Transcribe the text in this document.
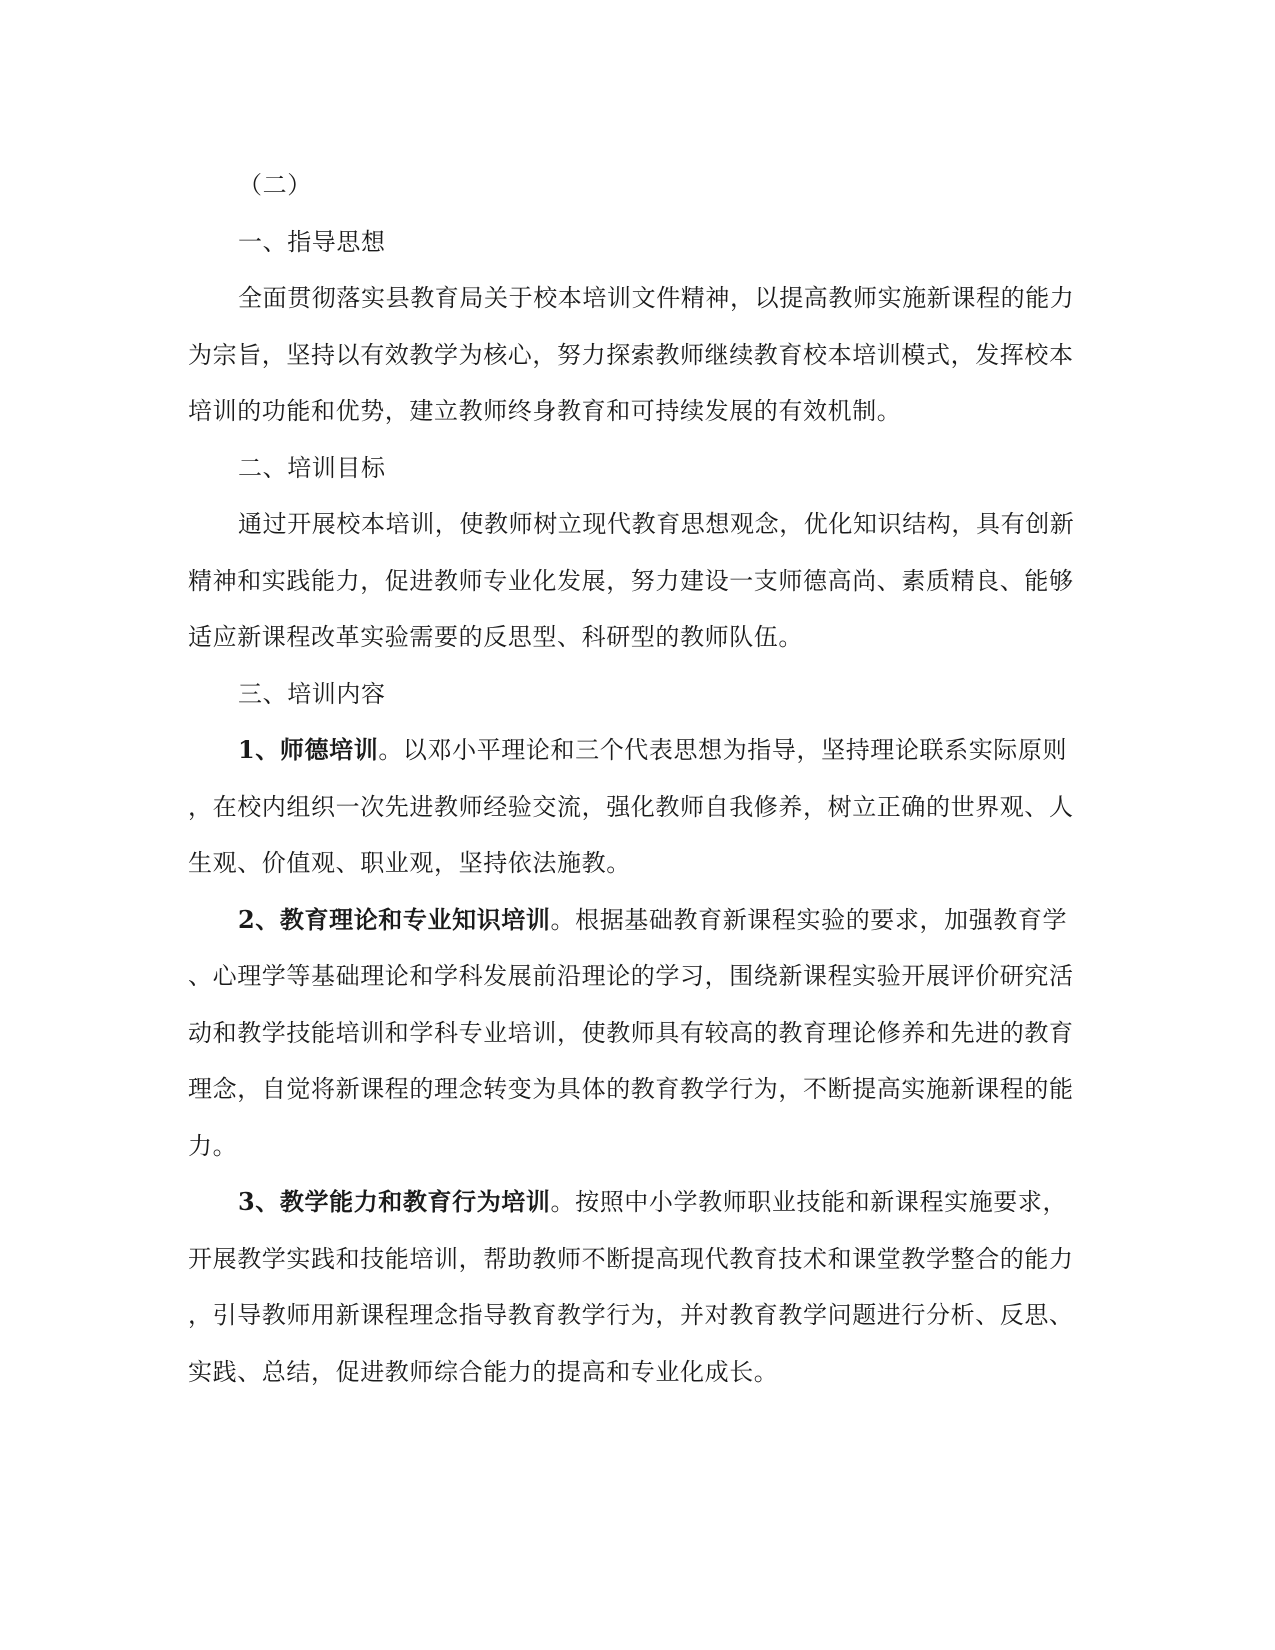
（二）
一、指导思想
全面贯彻落实县教育局关于校本培训文件精神，以提高教师实施新课程的能力
为宗旨，坚持以有效教学为核心，努力探索教师继续教育校本培训模式，发挥校本
培训的功能和优势，建立教师终身教育和可持续发展的有效机制。
二、培训目标
通过开展校本培训，使教师树立现代教育思想观念，优化知识结构，具有创新
精神和实践能力，促进教师专业化发展，努力建设一支师德高尚、素质精良、能够
适应新课程改革实验需要的反思型、科研型的教师队伍。
三、培训内容
1、师德培训。以邓小平理论和三个代表思想为指导，坚持理论联系实际原则
，在校内组织一次先进教师经验交流，强化教师自我修养，树立正确的世界观、人
生观、价值观、职业观，坚持依法施教。
2、教育理论和专业知识培训。根据基础教育新课程实验的要求，加强教育学
、心理学等基础理论和学科发展前沿理论的学习，围绕新课程实验开展评价研究活
动和教学技能培训和学科专业培训，使教师具有较高的教育理论修养和先进的教育
理念，自觉将新课程的理念转变为具体的教育教学行为，不断提高实施新课程的能
力。
3、教学能力和教育行为培训。按照中小学教师职业技能和新课程实施要求，
开展教学实践和技能培训，帮助教师不断提高现代教育技术和课堂教学整合的能力
，引导教师用新课程理念指导教育教学行为，并对教育教学问题进行分析、反思、
实践、总结，促进教师综合能力的提高和专业化成长。
